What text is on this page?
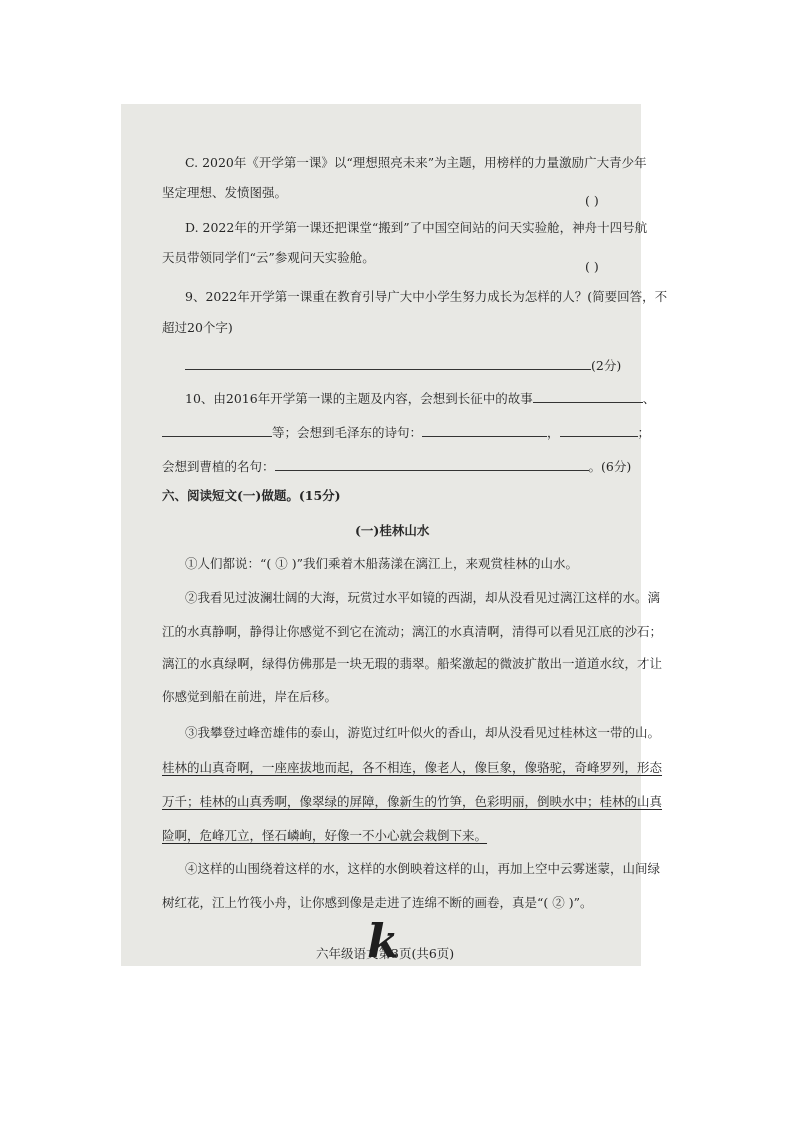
C. 2020年《开学第一课》以“理想照亮未来”为主题，用榜样的力量激励广大青少年
坚定理想、发愤图强。
( )
D. 2022年的开学第一课还把课堂“搬到”了中国空间站的问天实验舱，神舟十四号航
天员带领同学们“云”参观问天实验舱。
( )
9、2022年开学第一课重在教育引导广大中小学生努力成长为怎样的人？(简要回答，不
超过20个字)
(2分)
10、由2016年开学第一课的主题及内容，会想到长征中的故事	、
等；会想到毛泽东的诗句：	，	；
会想到曹植的名句：	。(6分)
六、阅读短文(一)做题。(15分)
(一)桂林山水
①人们都说：“( ① )”我们乘着木船荡漾在漓江上，来观赏桂林的山水。
②我看见过波澜壮阔的大海，玩赏过水平如镜的西湖，却从没看见过漓江这样的水。漓
江的水真静啊，静得让你感觉不到它在流动；漓江的水真清啊，清得可以看见江底的沙石；
漓江的水真绿啊，绿得仿佛那是一块无瑕的翡翠。船桨激起的微波扩散出一道道水纹，才让
你感觉到船在前进，岸在后移。
③我攀登过峰峦雄伟的泰山，游览过红叶似火的香山，却从没看见过桂林这一带的山。
桂林的山真奇啊，一座座拔地而起，各不相连，像老人，像巨象，像骆驼，奇峰罗列，形态
万千；桂林的山真秀啊，像翠绿的屏障，像新生的竹笋，色彩明丽，倒映水中；桂林的山真
险啊，危峰兀立，怪石嶙峋，好像一不小心就会栽倒下来。
④这样的山围绕着这样的水，这样的水倒映着这样的山，再加上空中云雾迷蒙，山间绿
树红花，江上竹筏小舟，让你感到像是走进了连绵不断的画卷，真是“( ② )”。
六年级语文第3页(共6页)
k
